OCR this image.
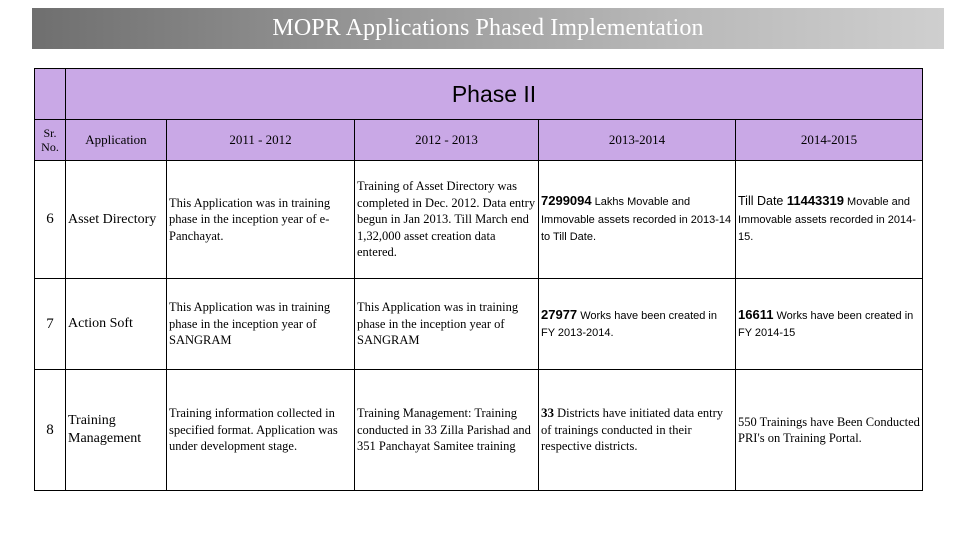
MOPR Applications Phased Implementation
	Phase II				
Sr.
No.	Application	2011 - 2012	2012 - 2013	2013-2014	2014-2015
6	Asset Directory	This Application was in training phase in the inception year of e-Panchayat.	Training of Asset Directory was completed in Dec. 2012. Data entry begun in Jan 2013. Till March end 1,32,000 asset creation data entered.	7299094 Lakhs Movable and Immovable assets recorded in 2013-14 to Till Date.	Till Date 11443319 Movable and Immovable assets recorded in 2014-15.
7	Action Soft	This Application was in training phase in the inception year of SANGRAM	This Application was in training phase in the inception year of SANGRAM	27977 Works have been created in FY 2013-2014.	16611 Works have been created in FY 2014-15
8	Training Management	Training information collected in specified format. Application was under development stage.	Training Management: Training conducted in 33 Zilla Parishad and 351 Panchayat Samitee training	33 Districts have initiated data entry of trainings conducted in their respective districts.	550 Trainings have Been Conducted PRI's on Training Portal.
